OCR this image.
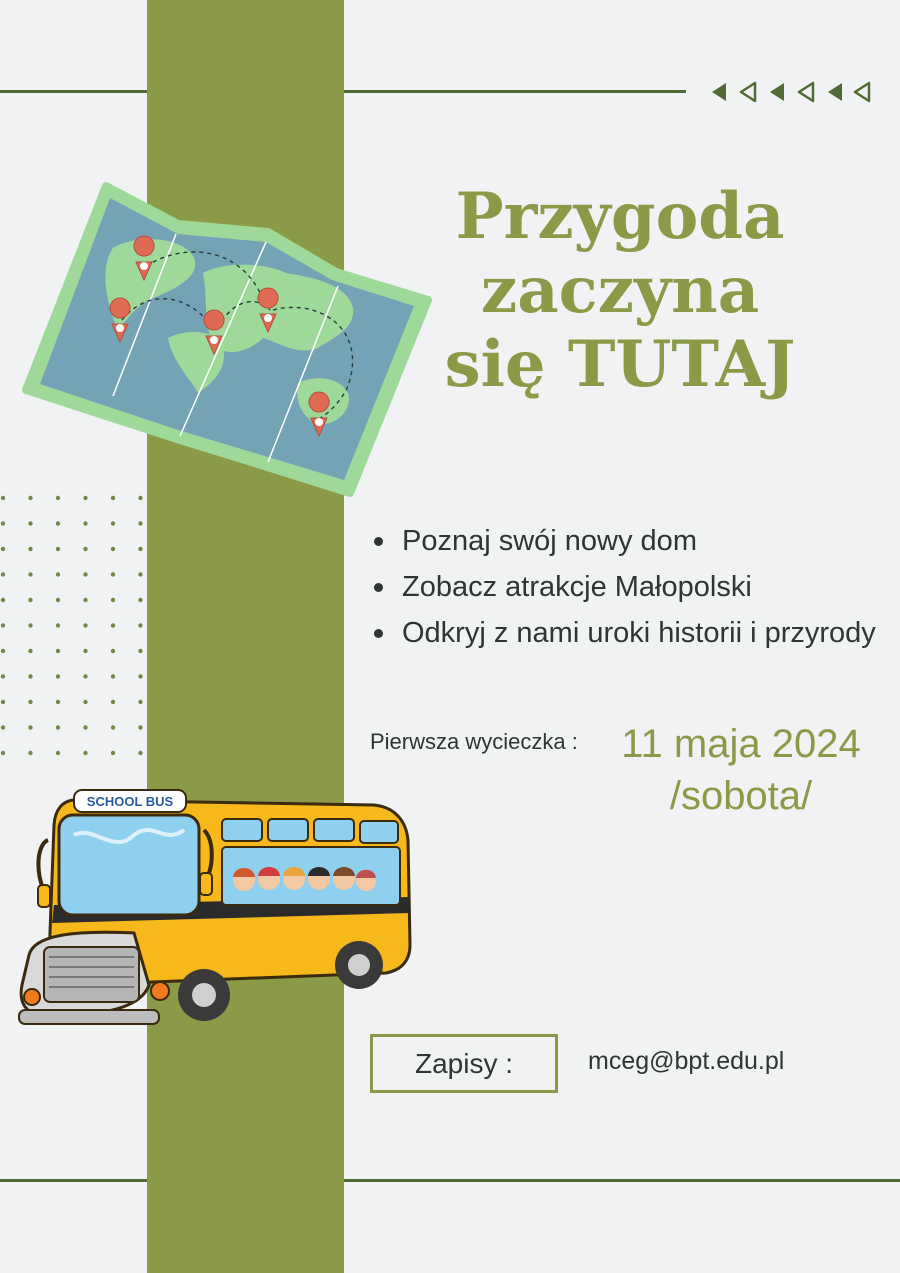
Przygoda
zaczyna
się TUTAJ
Poznaj swój nowy dom
Zobacz atrakcje Małopolski
Odkryj z nami uroki historii i przyrody
Pierwsza wycieczka :	11 maja 2024
/sobota/
SCHOOL BUS
Zapisy :	mceg@bpt.edu.pl
